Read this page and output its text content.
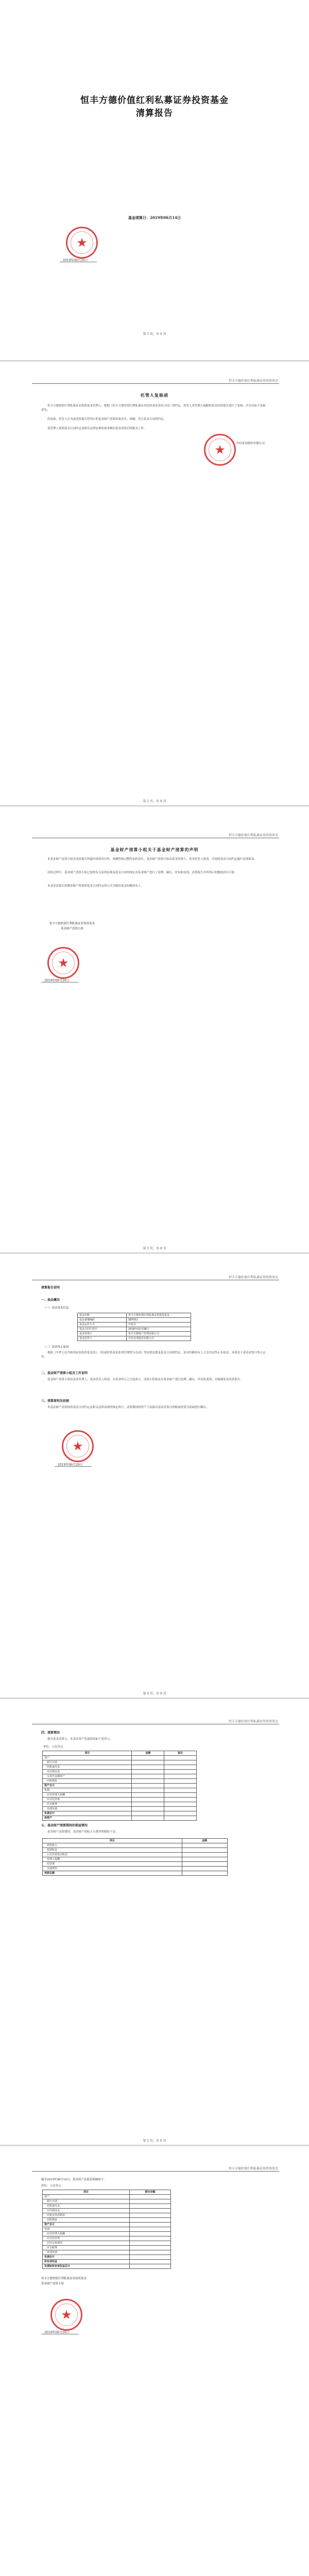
恒丰方德价值红利私募证券投资基金
清算报告
基金清算日：2019年06月14日
★
2019年06月20日
第 1 页，共 8 页
恒丰方德价值红利私募证券投资基金
托管人复核函
恒丰方德价值红利私募证券投资基金管理人：根据《恒丰方德价值红利私募证券投资基金基金合同》的约定，托管人对管理人编制的基金清算报告进行了复核，并出具如下复核意见。
经复核，托管人认为该清算报告所列示的基金财产清算结果真实、准确，符合基金合同的约定。
请管理人按照基金合同约定及相关法律法规的要求做好基金清算后续相关工作。
中信证券股份有限公司
★
第 2 页，共 8 页
恒丰方德价值红利私募证券投资基金
基金财产清算小组关于基金财产清算的声明
本基金财产清算小组对清算报告所载内容的真实性、准确性和完整性承担责任，基金财产清算小组由基金管理人、基金托管人组成，并按照基金合同约定履行清算职责。
清算过程中，基金财产清算小组已按照有关法律法规及基金合同的规定对基金财产进行了清理、确认、评估和变现，清算报告中所列示的数据真实可靠。
本基金清算后的剩余财产将按照基金合同约定的方式分配给基金份额持有人。
恒丰方德价值红利私募证券投资基金
基金财产清算小组
★
2019年06月20日
第 3 页，共 8 页
恒丰方德价值红利私募证券投资基金
清算报告说明
一、基金概况
（一）基金基本信息
基金名称	恒丰方德价值红利私募证券投资基金
基金备案编码	SEF052
基金运作方式	开放式
基金合同生效日	2018年02月08日
基金管理人	恒丰方德资产管理有限公司
基金托管人	中信证券股份有限公司
（二）基金终止原因
根据《中华人民共和国证券投资基金法》、《私募投资基金监督管理暂行办法》等法律法规及基金合同的约定，基金份额持有人大会决议终止本基金，本基金于基金清算日终止运作。
二、基金财产清算小组及工作说明
基金财产清算小组由基金管理人、基金托管人组成，自基金终止之日起成立。清算小组依法对基金财产进行清理、确认、评估和变现，并编制基金清算报告。
三、清算原则及依据
本基金财产清算按照基金合同约定及相关法律法规的规定执行，清算期间的资产与负债以基金清算日的账面价值为基础进行确认。
★
2019年06月20日
第 4 页，共 8 页
恒丰方德价值红利私募证券投资基金
四、清算情况
截至基金清算日，本基金资产负债情况如下表所示。
单位：人民币元
项目	金额	备注
资产：		
银行存款		
结算备付金		
存出保证金		
交易性金融资产		
应收利息		
资产合计		
负债：		
应付管理人报酬		
应付托管费		
应交税费		
其他负债		
负债合计		
净资产		
五、基金财产清算期间的损益情况
基金财产清算期间，基金财产的收入与费用明细如下表。
项目	金额
利息收入	
投资收益	
公允价值变动收益	
管理人报酬	
托管费	
其他费用	
利润总额	
第 5 页，共 8 页
恒丰方德价值红利私募证券投资基金
截至2019年06月14日，基金资产负债表明细如下：
单位：人民币元
项目	期末余额
资产：	
银行存款	
结算备付金	
存出保证金	
应收证券清算款	
应收利息	
资产总计	
负债：	
应付管理人报酬	
应付托管费	
应付交易费用	
应交税费	
其他负债	
负债合计	
所有者权益	
负债和所有者权益总计	
恒丰方德价值红利私募证券投资基金
基金财产清算小组
★
2019年06月20日
